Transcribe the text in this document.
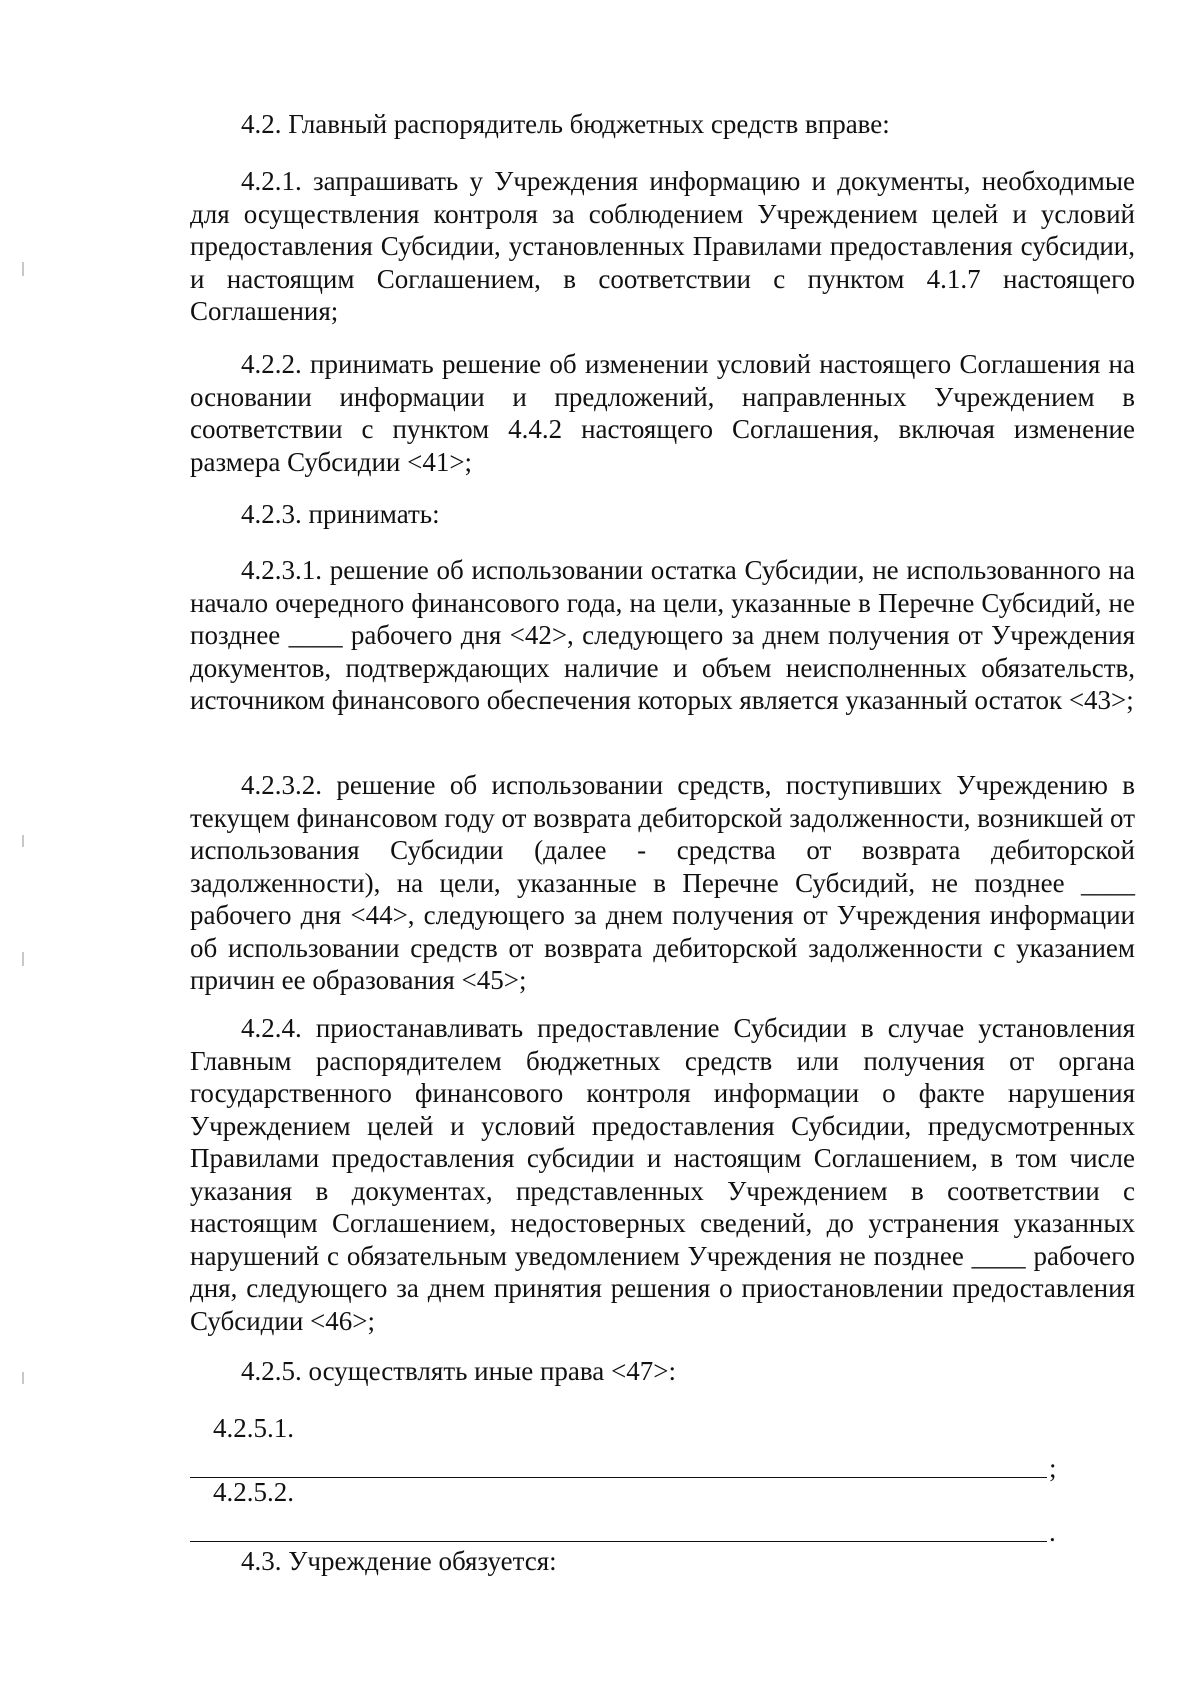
4.2. Главный распорядитель бюджетных средств вправе:

4.2.1. запрашивать у Учреждения информацию и документы, необходимые для осуществления контроля за соблюдением Учреждением целей и условий предоставления Субсидии, установленных Правилами предоставления субсидии, и настоящим Соглашением, в соответствии с пунктом 4.1.7 настоящего Соглашения;

4.2.2. принимать решение об изменении условий настоящего Соглашения на основании информации и предложений, направленных Учреждением в соответствии с пунктом 4.4.2 настоящего Соглашения, включая изменение размера Субсидии <41>;

4.2.3. принимать:

4.2.3.1. решение об использовании остатка Субсидии, не использованного на начало очередного финансового года, на цели, указанные в Перечне Субсидий, не позднее ____ рабочего дня <42>, следующего за днем получения от Учреждения документов, подтверждающих наличие и объем неисполненных обязательств, источником финансового обеспечения которых является указанный остаток <43>;

4.2.3.2. решение об использовании средств, поступивших Учреждению в текущем финансовом году от возврата дебиторской задолженности, возникшей от использования Субсидии (далее - средства от возврата дебиторской задолженности), на цели, указанные в Перечне Субсидий, не позднее ____ рабочего дня <44>, следующего за днем получения от Учреждения информации об использовании средств от возврата дебиторской задолженности с указанием причин ее образования <45>;

4.2.4. приостанавливать предоставление Субсидии в случае установления Главным распорядителем бюджетных средств или получения от органа государственного финансового контроля информации о факте нарушения Учреждением целей и условий предоставления Субсидии, предусмотренных Правилами предоставления субсидии и настоящим Соглашением, в том числе указания в документах, представленных Учреждением в соответствии с настоящим Соглашением, недостоверных сведений, до устранения указанных нарушений с обязательным уведомлением Учреждения не позднее ____ рабочего дня, следующего за днем принятия решения о приостановлении предоставления Субсидии <46>;

4.2.5. осуществлять иные права <47>:

4.2.5.1.

;

4.2.5.2.

.

4.3. Учреждение обязуется:
